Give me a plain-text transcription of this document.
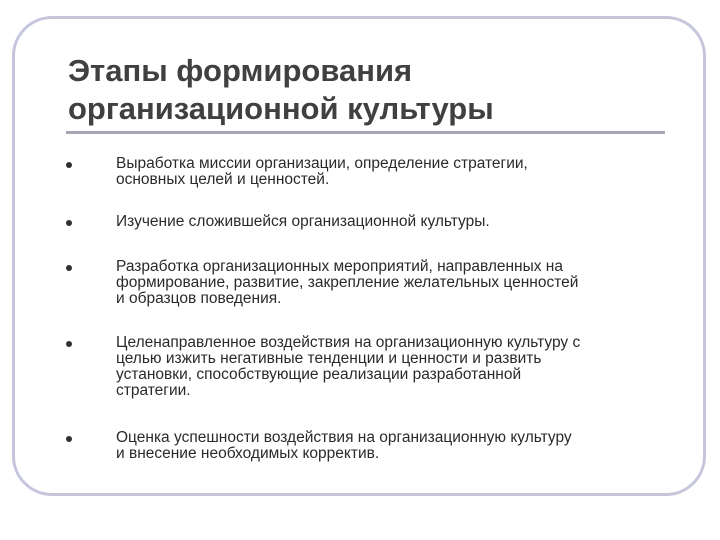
Этапы формирования
организационной культуры
Выработка миссии организации, определение стратегии,
основных целей и ценностей.
Изучение сложившейся организационной культуры.
Разработка организационных мероприятий, направленных на
формирование, развитие, закрепление желательных ценностей
и образцов поведения.
Целенаправленное воздействия на организационную культуру с
целью изжить негативные тенденции и ценности и развить
установки, способствующие реализации разработанной
стратегии.
Оценка успешности воздействия на организационную культуру
и внесение необходимых корректив.
